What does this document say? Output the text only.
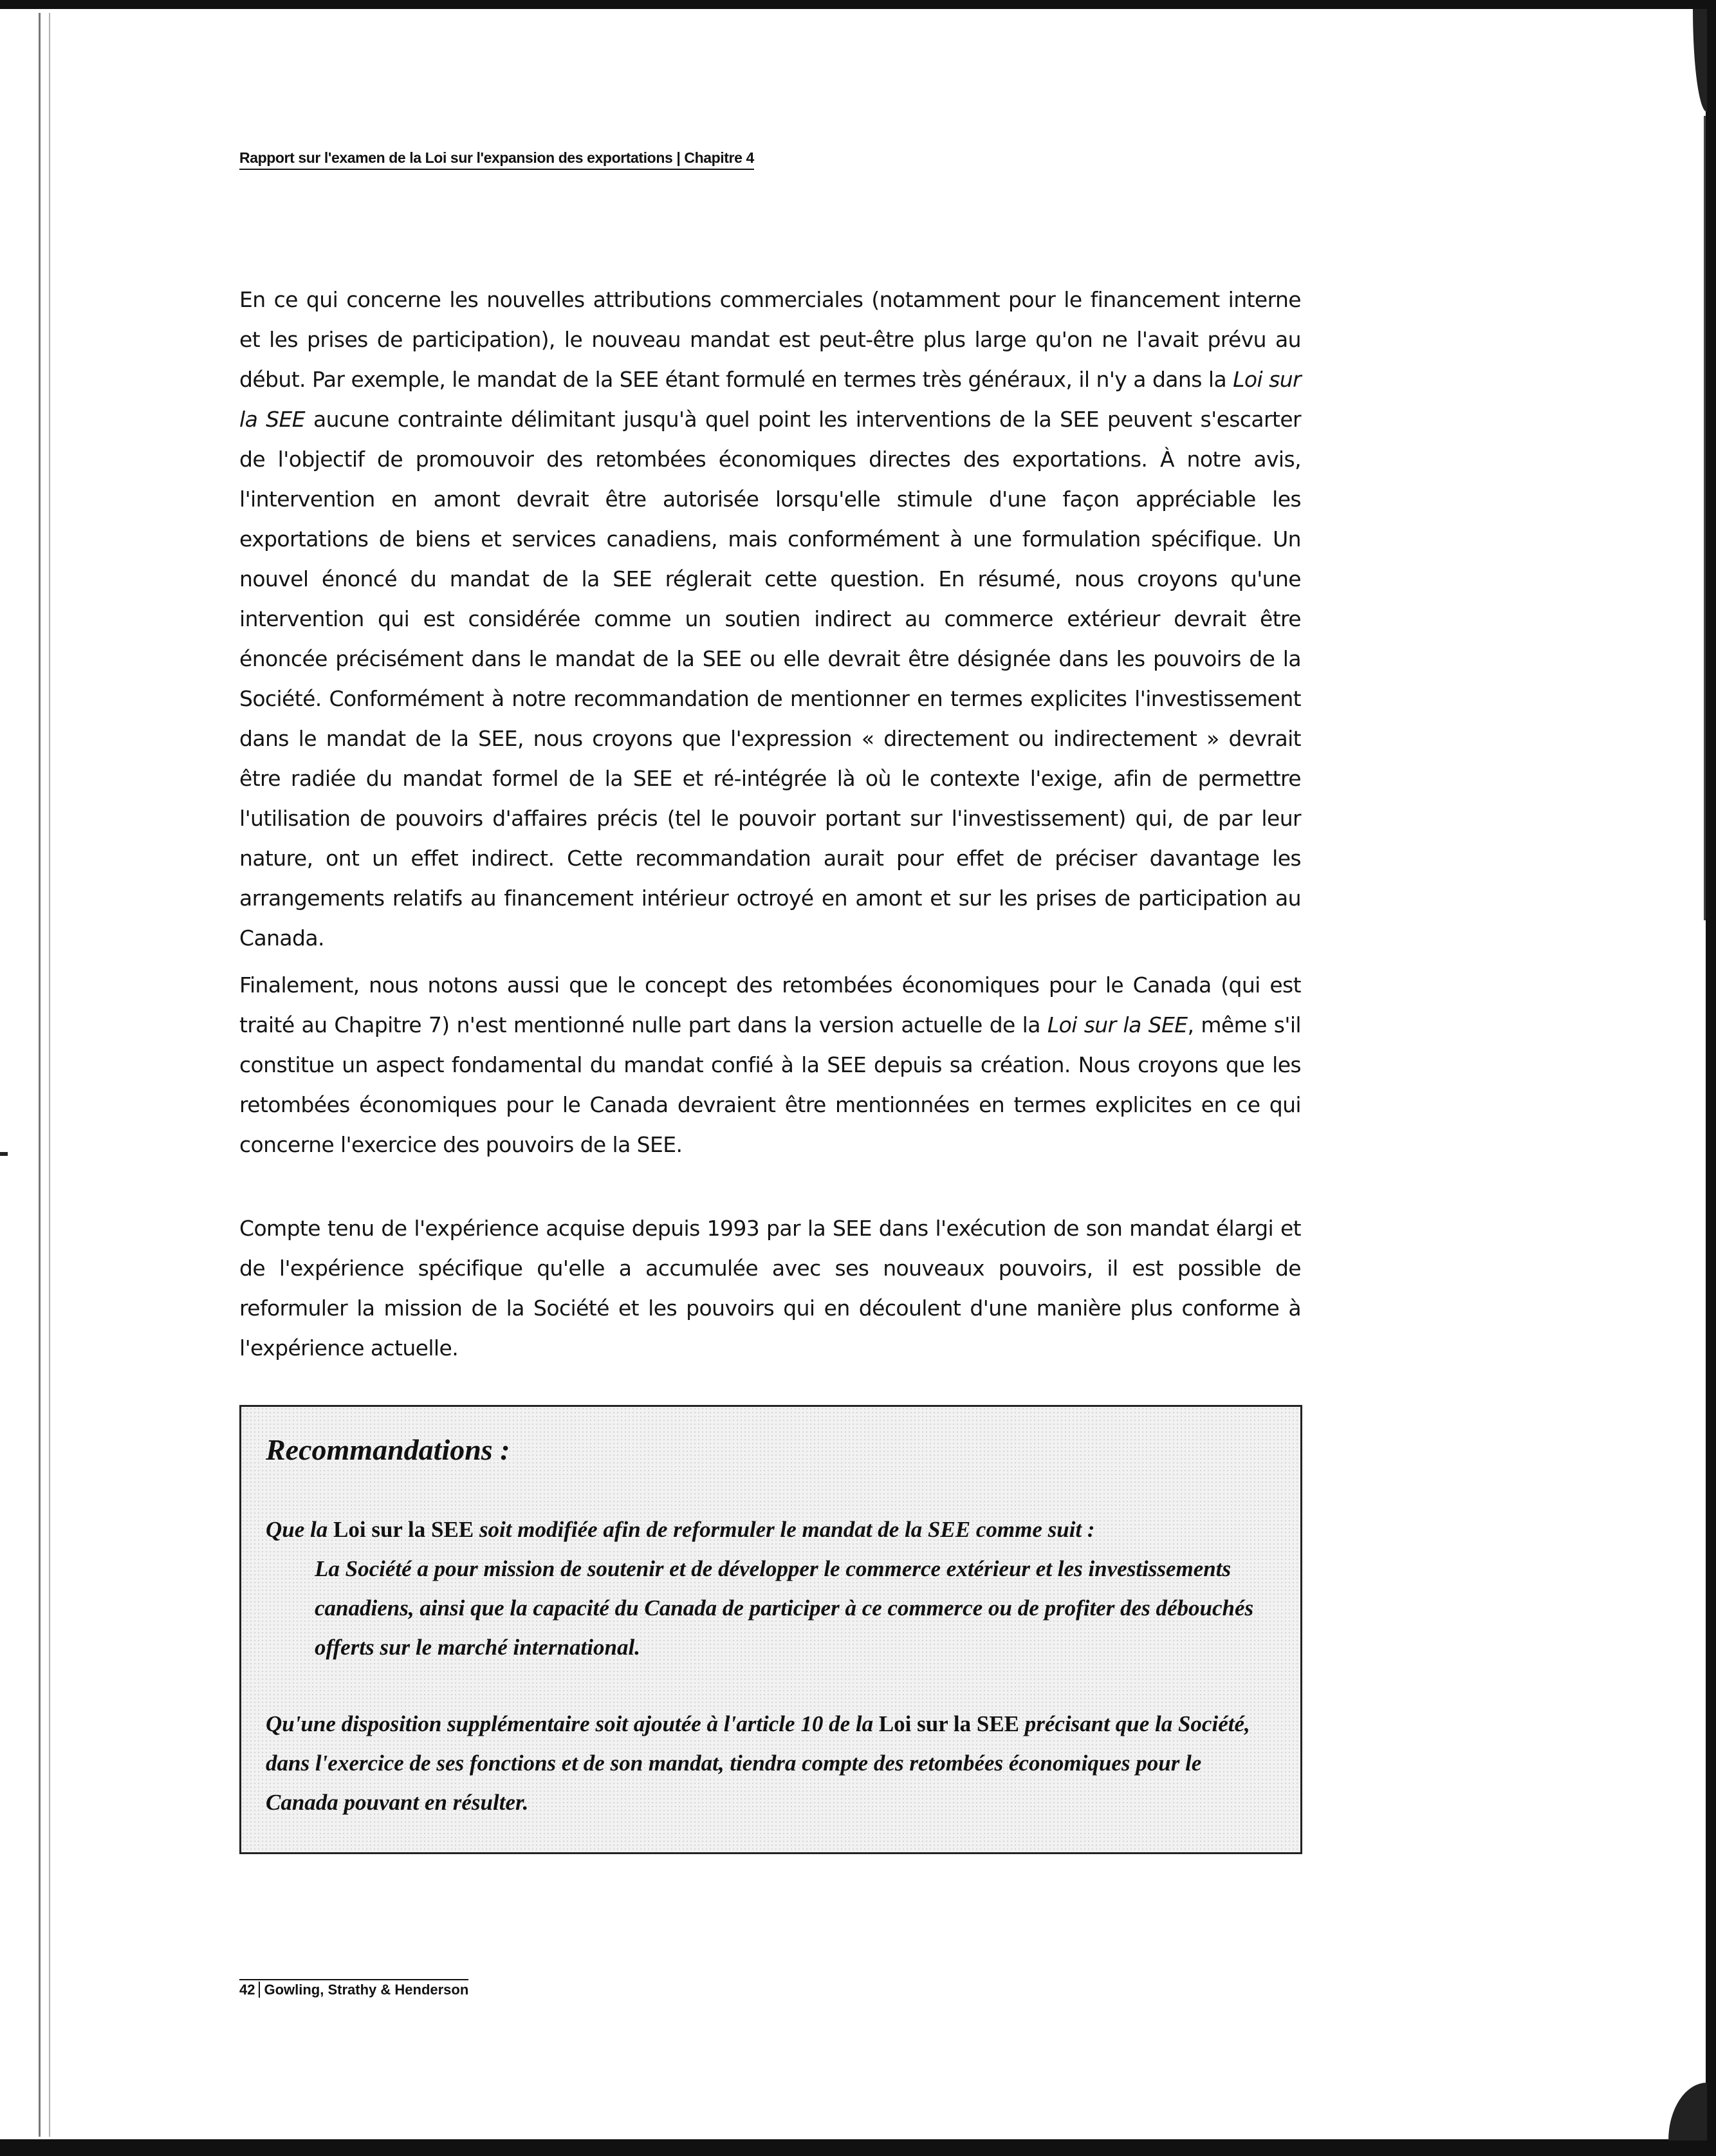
Rapport sur l'examen de la Loi sur l'expansion des exportations | Chapitre 4
En ce qui concerne les nouvelles attributions commerciales (notamment pour le financement interne et les prises de participation), le nouveau mandat est peut-être plus large qu'on ne l'avait prévu au début. Par exemple, le mandat de la SEE étant formulé en termes très généraux, il n'y a dans la Loi sur la SEE aucune contrainte délimitant jusqu'à quel point les interventions de la SEE peuvent s'escarter de l'objectif de promouvoir des retombées économiques directes des exportations. À notre avis, l'intervention en amont devrait être autorisée lorsqu'elle stimule d'une façon appréciable les exportations de biens et services canadiens, mais conformément à une formulation spécifique. Un nouvel énoncé du mandat de la SEE réglerait cette question. En résumé, nous croyons qu'une intervention qui est considérée comme un soutien indirect au commerce extérieur devrait être énoncée précisément dans le mandat de la SEE ou elle devrait être désignée dans les pouvoirs de la Société. Conformément à notre recommandation de mentionner en termes explicites l'investissement dans le mandat de la SEE, nous croyons que l'expression « directement ou indirectement » devrait être radiée du mandat formel de la SEE et ré-intégrée là où le contexte l'exige, afin de permettre l'utilisation de pouvoirs d'affaires précis (tel le pouvoir portant sur l'investissement) qui, de par leur nature, ont un effet indirect. Cette recommandation aurait pour effet de préciser davantage les arrangements relatifs au financement intérieur octroyé en amont et sur les prises de participation au Canada.
Finalement, nous notons aussi que le concept des retombées économiques pour le Canada (qui est traité au Chapitre 7) n'est mentionné nulle part dans la version actuelle de la Loi sur la SEE, même s'il constitue un aspect fondamental du mandat confié à la SEE depuis sa création. Nous croyons que les retombées économiques pour le Canada devraient être mentionnées en termes explicites en ce qui concerne l'exercice des pouvoirs de la SEE.
Compte tenu de l'expérience acquise depuis 1993 par la SEE dans l'exécution de son mandat élargi et de l'expérience spécifique qu'elle a accumulée avec ses nouveaux pouvoirs, il est possible de reformuler la mission de la Société et les pouvoirs qui en découlent d'une manière plus conforme à l'expérience actuelle.
Recommandations :
Que la Loi sur la SEE soit modifiée afin de reformuler le mandat de la SEE comme suit :
La Société a pour mission de soutenir et de développer le commerce extérieur et les investissements canadiens, ainsi que la capacité du Canada de participer à ce commerce ou de profiter des débouchés offerts sur le marché international.
Qu'une disposition supplémentaire soit ajoutée à l'article 10 de la Loi sur la SEE précisant que la Société, dans l'exercice de ses fonctions et de son mandat, tiendra compte des retombées économiques pour le Canada pouvant en résulter.
42 Gowling, Strathy & Henderson
